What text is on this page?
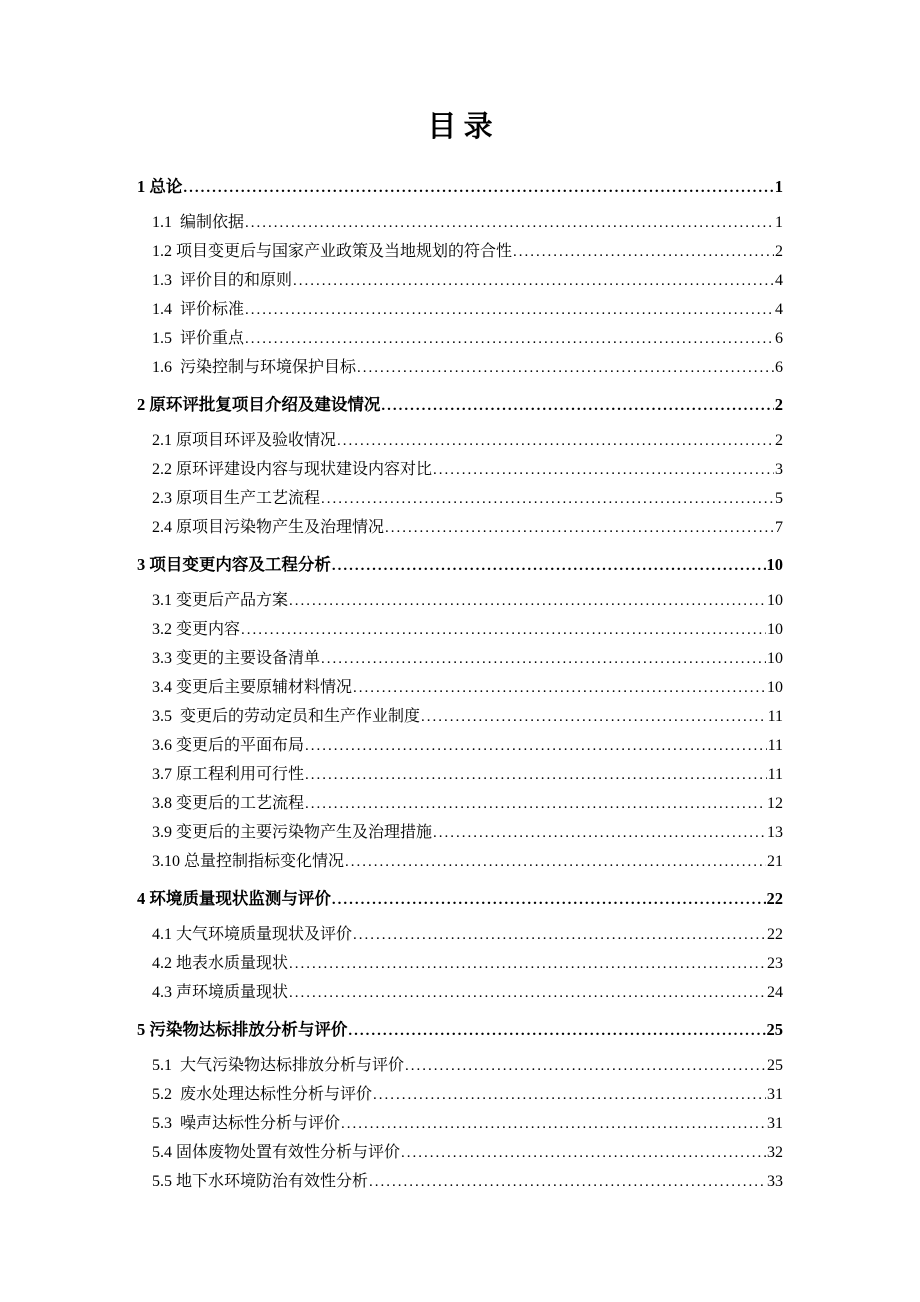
目 录
1 总论 .....	1
1.1  编制依据 .....	1
1.2 项目变更后与国家产业政策及当地规划的符合性 .....	2
1.3  评价目的和原则 .....	4
1.4  评价标准 .....	4
1.5  评价重点 .....	6
1.6  污染控制与环境保护目标 .....	6
2 原环评批复项目介绍及建设情况 .....	2
2.1 原项目环评及验收情况 .....	2
2.2 原环评建设内容与现状建设内容对比 .....	3
2.3 原项目生产工艺流程 .....	5
2.4 原项目污染物产生及治理情况 .....	7
3 项目变更内容及工程分析 .....	10
3.1 变更后产品方案 .....	10
3.2 变更内容 .....	10
3.3 变更的主要设备清单 .....	10
3.4 变更后主要原辅材料情况 .....	10
3.5  变更后的劳动定员和生产作业制度 .....	11
3.6 变更后的平面布局 .....	11
3.7 原工程利用可行性 .....	11
3.8 变更后的工艺流程 .....	12
3.9 变更后的主要污染物产生及治理措施 .....	13
3.10 总量控制指标变化情况 .....	21
4 环境质量现状监测与评价 .....	22
4.1 大气环境质量现状及评价 .....	22
4.2 地表水质量现状 .....	23
4.3 声环境质量现状 .....	24
5 污染物达标排放分析与评价 .....	25
5.1  大气污染物达标排放分析与评价 .....	25
5.2  废水处理达标性分析与评价 .....	31
5.3  噪声达标性分析与评价 .....	31
5.4 固体废物处置有效性分析与评价 .....	32
5.5 地下水环境防治有效性分析 .....	33
